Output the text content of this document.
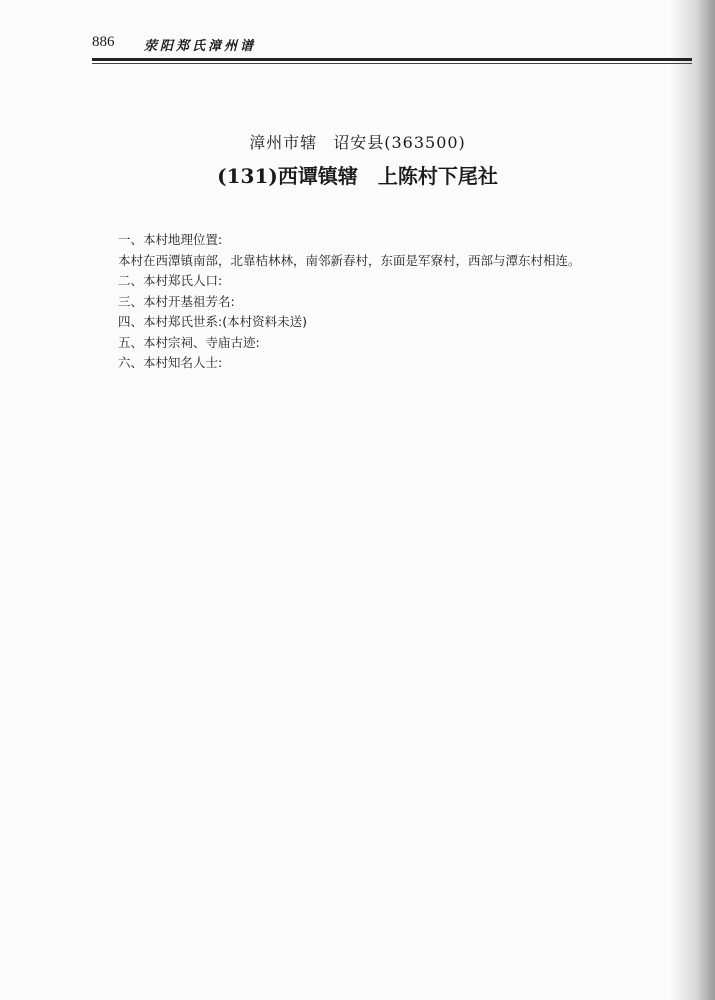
886 荥阳郑氏漳州谱
漳州市辖 诏安县(363500)
(131)西谭镇辖 上陈村下尾社
一、本村地理位置:
本村在西潭镇南部，北靠桔林林，南邻新春村，东面是军寮村，西部与潭东村相连。
二、本村郑氏人口:
三、本村开基祖芳名:
四、本村郑氏世系:(本村资料未送)
五、本村宗祠、寺庙古迹:
六、本村知名人士:
